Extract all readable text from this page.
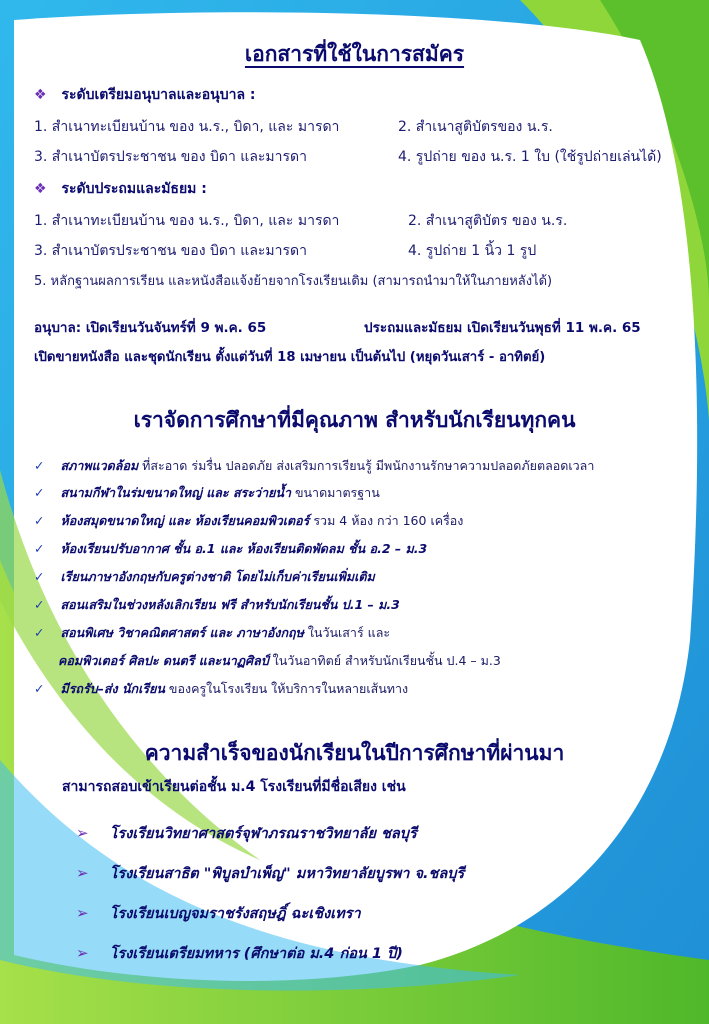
เอกสารที่ใช้ในการสมัคร
❖ ระดับเตรียมอนุบาลและอนุบาล :
1. สำเนาทะเบียนบ้าน ของ น.ร., บิดา, และ มารดา	2. สำเนาสูติบัตรของ น.ร.
3. สำเนาบัตรประชาชน ของ บิดา และมารดา	4. รูปถ่าย ของ น.ร. 1 ใบ (ใช้รูปถ่ายเล่นได้)
❖ ระดับประถมและมัธยม :
1. สำเนาทะเบียนบ้าน ของ น.ร., บิดา, และ มารดา	2. สำเนาสูติบัตร ของ น.ร.
3. สำเนาบัตรประชาชน ของ บิดา และมารดา	4. รูปถ่าย 1 นิ้ว 1 รูป
5. หลักฐานผลการเรียน และหนังสือแจ้งย้ายจากโรงเรียนเดิม (สามารถนำมาให้ในภายหลังได้)
อนุบาล: เปิดเรียนวันจันทร์ที่ 9 พ.ค. 65	ประถมและมัธยม เปิดเรียนวันพุธที่ 11 พ.ค. 65
เปิดขายหนังสือ และชุดนักเรียน ตั้งแต่วันที่ 18 เมษายน เป็นต้นไป (หยุดวันเสาร์ - อาทิตย์)
เราจัดการศึกษาที่มีคุณภาพ สำหรับนักเรียนทุกคน
✓ สภาพแวดล้อม ที่สะอาด ร่มรื่น ปลอดภัย ส่งเสริมการเรียนรู้ มีพนักงานรักษาความปลอดภัยตลอดเวลา
✓ สนามกีฬาในร่มขนาดใหญ่ และ สระว่ายน้ำ ขนาดมาตรฐาน
✓ ห้องสมุดขนาดใหญ่ และ ห้องเรียนคอมพิวเตอร์ รวม 4 ห้อง กว่า 160 เครื่อง
✓ ห้องเรียนปรับอากาศ ชั้น อ.1 และ ห้องเรียนติดพัดลม ชั้น อ.2 – ม.3
✓ เรียนภาษาอังกฤษกับครูต่างชาติ โดยไม่เก็บค่าเรียนเพิ่มเติม
✓ สอนเสริมในช่วงหลังเลิกเรียน ฟรี สำหรับนักเรียนชั้น ป.1 – ม.3
✓ สอนพิเศษ วิชาคณิตศาสตร์ และ ภาษาอังกฤษ ในวันเสาร์ และ
คอมพิวเตอร์ ศิลปะ ดนตรี และนาฏศิลป์ ในวันอาทิตย์ สำหรับนักเรียนชั้น ป.4 – ม.3
✓ มีรถรับ–ส่ง นักเรียน ของครูในโรงเรียน ให้บริการในหลายเส้นทาง
ความสำเร็จของนักเรียนในปีการศึกษาที่ผ่านมา
สามารถสอบเข้าเรียนต่อชั้น ม.4 โรงเรียนที่มีชื่อเสียง เช่น
➢ โรงเรียนวิทยาศาสตร์จุฬาภรณราชวิทยาลัย ชลบุรี
➢ โรงเรียนสาธิต "พิบูลบำเพ็ญ" มหาวิทยาลัยบูรพา จ.ชลบุรี
➢ โรงเรียนเบญจมราชรังสฤษฎิ์ ฉะเชิงเทรา
➢ โรงเรียนเตรียมทหาร (ศึกษาต่อ ม.4 ก่อน 1 ปี)
